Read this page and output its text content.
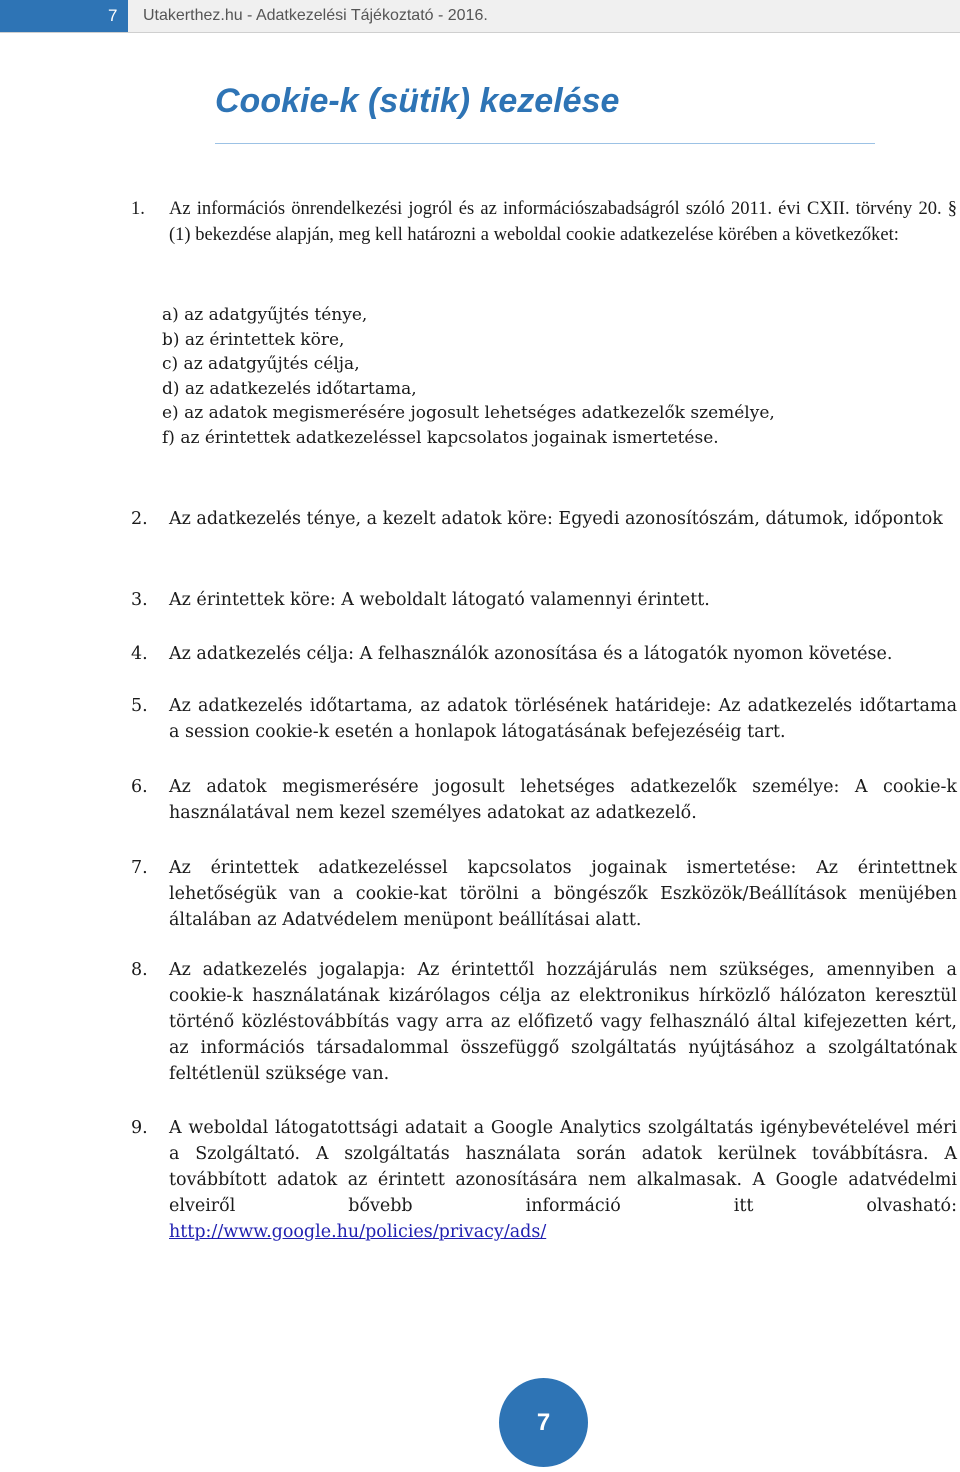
7	Utakerthez.hu - Adatkezelési Tájékoztató - 2016.
Cookie-k (sütik) kezelése
1. Az információs önrendelkezési jogról és az információszabadságról szóló 2011. évi CXII. törvény 20. § (1) bekezdése alapján, meg kell határozni a weboldal cookie adatkezelése körében a következőket:
a) az adatgyűjtés ténye,
b) az érintettek köre,
c) az adatgyűjtés célja,
d) az adatkezelés időtartama,
e) az adatok megismerésére jogosult lehetséges adatkezelők személye,
f) az érintettek adatkezeléssel kapcsolatos jogainak ismertetése.
2. Az adatkezelés ténye, a kezelt adatok köre: Egyedi azonosítószám, dátumok, időpontok
3. Az érintettek köre: A weboldalt látogató valamennyi érintett.
4. Az adatkezelés célja: A felhasználók azonosítása és a látogatók nyomon követése.
5. Az adatkezelés időtartama, az adatok törlésének határideje: Az adatkezelés időtartama a session cookie-k esetén a honlapok látogatásának befejezéséig tart.
6. Az adatok megismerésére jogosult lehetséges adatkezelők személye: A cookie-k használatával nem kezel személyes adatokat az adatkezelő.
7. Az érintettek adatkezeléssel kapcsolatos jogainak ismertetése: Az érintettnek lehetőségük van a cookie-kat törölni a böngészők Eszközök/Beállítások menüjében általában az Adatvédelem menüpont beállításai alatt.
8. Az adatkezelés jogalapja: Az érintettől hozzájárulás nem szükséges, amennyiben a cookie-k használatának kizárólagos célja az elektronikus hírközlő hálózaton keresztül történő közléstovábbítás vagy arra az előfizető vagy felhasználó által kifejezetten kért, az információs társadalommal összefüggő szolgáltatás nyújtásához a szolgáltatónak feltétlenül szüksége van.
9. A weboldal látogatottsági adatait a Google Analytics szolgáltatás igénybevételével méri a Szolgáltató. A szolgáltatás használata során adatok kerülnek továbbításra. A továbbított adatok az érintett azonosítására nem alkalmasak. A Google adatvédelmi elveiről bővebb információ itt olvasható:
http://www.google.hu/policies/privacy/ads/
7
